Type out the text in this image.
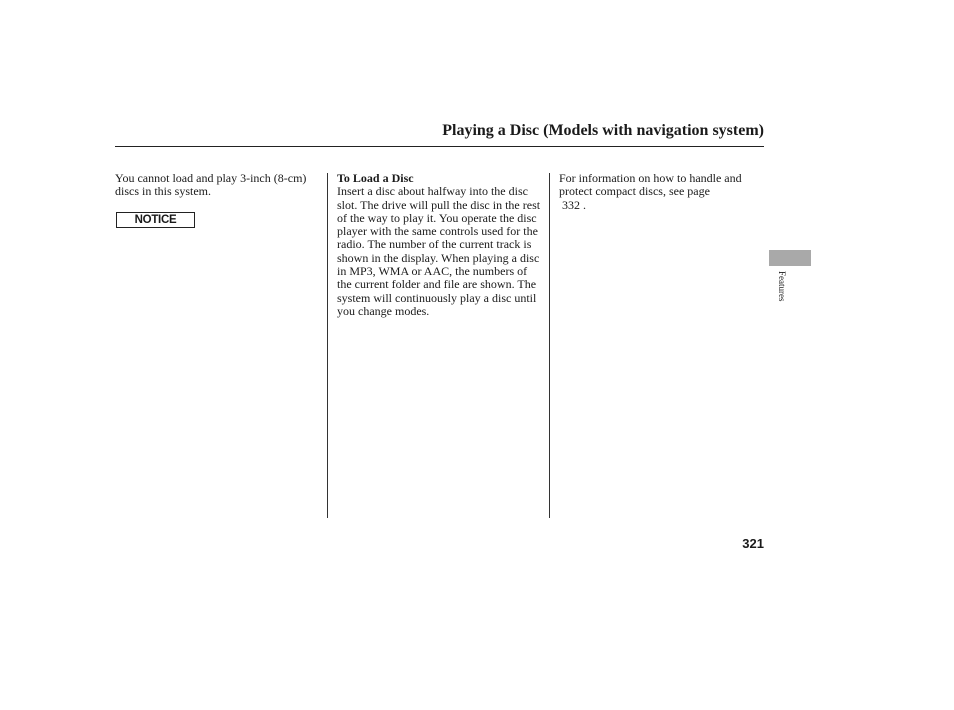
Playing a Disc (Models with navigation system)

You cannot load and play 3-inch (8-cm) discs in this system.

NOTICE

To Load a Disc

Insert a disc about halfway into the disc slot. The drive will pull the disc in the rest of the way to play it. You operate the disc player with the same controls used for the radio. The number of the current track is shown in the display. When playing a disc in MP3, WMA or AAC, the numbers of the current folder and file are shown. The system will continuously play a disc until you change modes.

For information on how to handle and protect compact discs, see page
332 .

Features
321
